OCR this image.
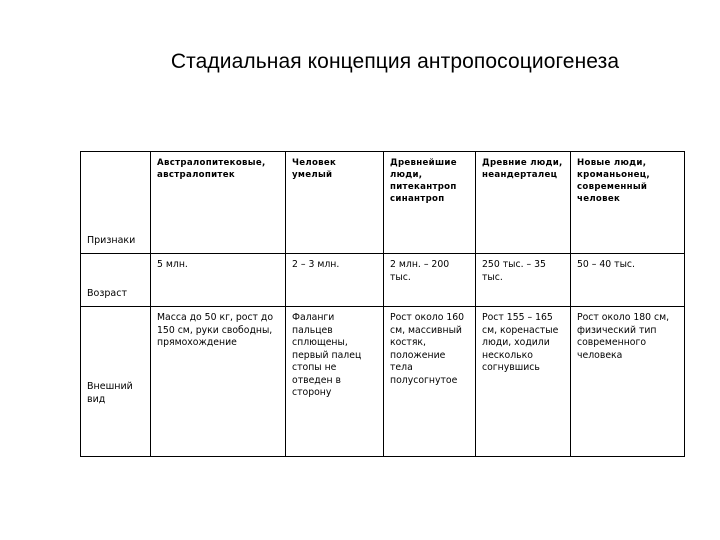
Стадиальная концепция антропосоциогенеза
Признаки	Австралопитековые, австралопитек	Человек умелый	Древнейшие люди, питекантроп синантроп	Древние люди, неандерталец	Новые люди, кроманьонец, современный человек
Возраст	5 млн.	2 – 3 млн.	2 млн. – 200 тыс.	250 тыс. – 35 тыс.	50 – 40 тыс.
Внешний вид	Масса до 50 кг, рост до 150 см, руки свободны, прямохождение	Фаланги пальцев сплющены, первый палец стопы не отведен в сторону	Рост около 160 см, массивный костяк, положение тела полусогнутое	Рост 155 – 165 см, коренастые люди, ходили несколько согнувшись	Рост около 180 см, физический тип современного человека
